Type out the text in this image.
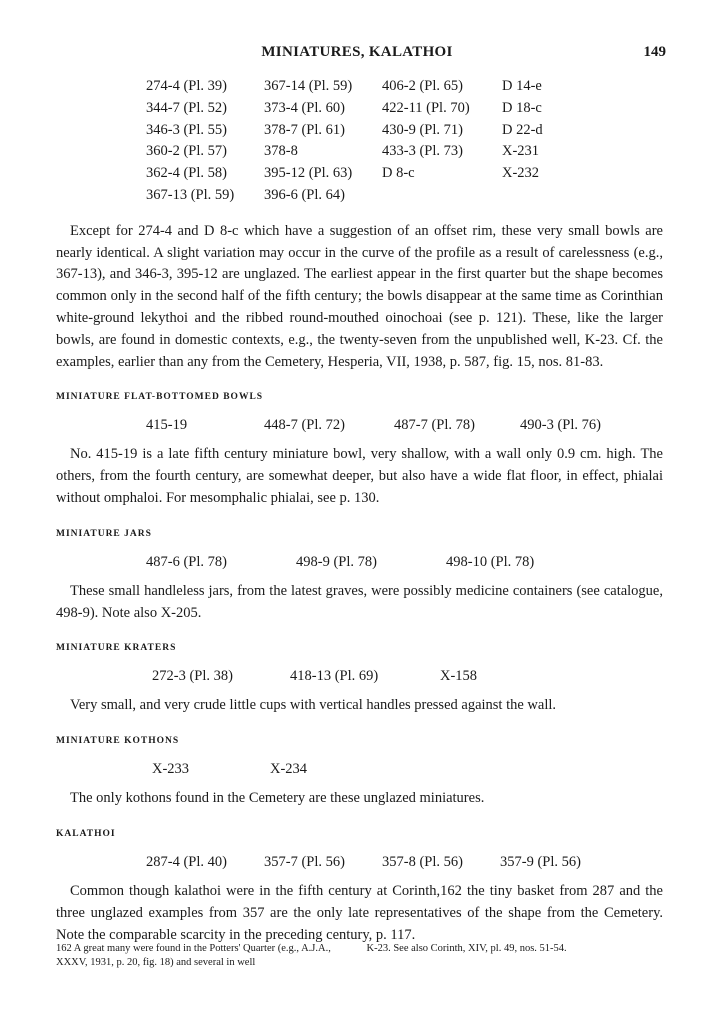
MINIATURES, KALATHOI	149
274-4 (Pl. 39)	367-14 (Pl. 59)	406-2 (Pl. 65)	D 14-e
344-7 (Pl. 52)	373-4 (Pl. 60)	422-11 (Pl. 70)	D 18-c
346-3 (Pl. 55)	378-7 (Pl. 61)	430-9 (Pl. 71)	D 22-d
360-2 (Pl. 57)	378-8	433-3 (Pl. 73)	X-231
362-4 (Pl. 58)	395-12 (Pl. 63)	D 8-c	X-232
367-13 (Pl. 59)	396-6 (Pl. 64)

Except for 274-4 and D 8-c which have a suggestion of an offset rim, these very small bowls are nearly identical. A slight variation may occur in the curve of the profile as a result of carelessness (e.g., 367-13), and 346-3, 395-12 are unglazed. The earliest appear in the first quarter but the shape becomes common only in the second half of the fifth century; the bowls disappear at the same time as Corinthian white-ground lekythoi and the ribbed round-mouthed oinochoai (see p. 121). These, like the larger bowls, are found in domestic contexts, e.g., the twenty-seven from the unpublished well, K-23. Cf. the examples, earlier than any from the Cemetery, Hesperia, VII, 1938, p. 587, fig. 15, nos. 81-83.

MINIATURE FLAT-BOTTOMED BOWLS
415-19	448-7 (Pl. 72)	487-7 (Pl. 78)	490-3 (Pl. 76)

No. 415-19 is a late fifth century miniature bowl, very shallow, with a wall only 0.9 cm. high. The others, from the fourth century, are somewhat deeper, but also have a wide flat floor, in effect, phialai without omphaloi. For mesomphalic phialai, see p. 130.

MINIATURE JARS
487-6 (Pl. 78)	498-9 (Pl. 78)	498-10 (Pl. 78)

These small handleless jars, from the latest graves, were possibly medicine containers (see catalogue, 498-9). Note also X-205.

MINIATURE KRATERS
272-3 (Pl. 38)	418-13 (Pl. 69)	X-158

Very small, and very crude little cups with vertical handles pressed against the wall.

MINIATURE KOTHONS
X-233	X-234

The only kothons found in the Cemetery are these unglazed miniatures.

KALATHOI
287-4 (Pl. 40)	357-7 (Pl. 56)	357-8 (Pl. 56)	357-9 (Pl. 56)

Common though kalathoi were in the fifth century at Corinth,162 the tiny basket from 287 and the three unglazed examples from 357 are the only late representatives of the shape from the Cemetery. Note the comparable scarcity in the preceding century, p. 117.

162 A great many were found in the Potters' Quarter (e.g., A.J.A., XXXV, 1931, p. 20, fig. 18) and several in well
K-23. See also Corinth, XIV, pl. 49, nos. 51-54.
